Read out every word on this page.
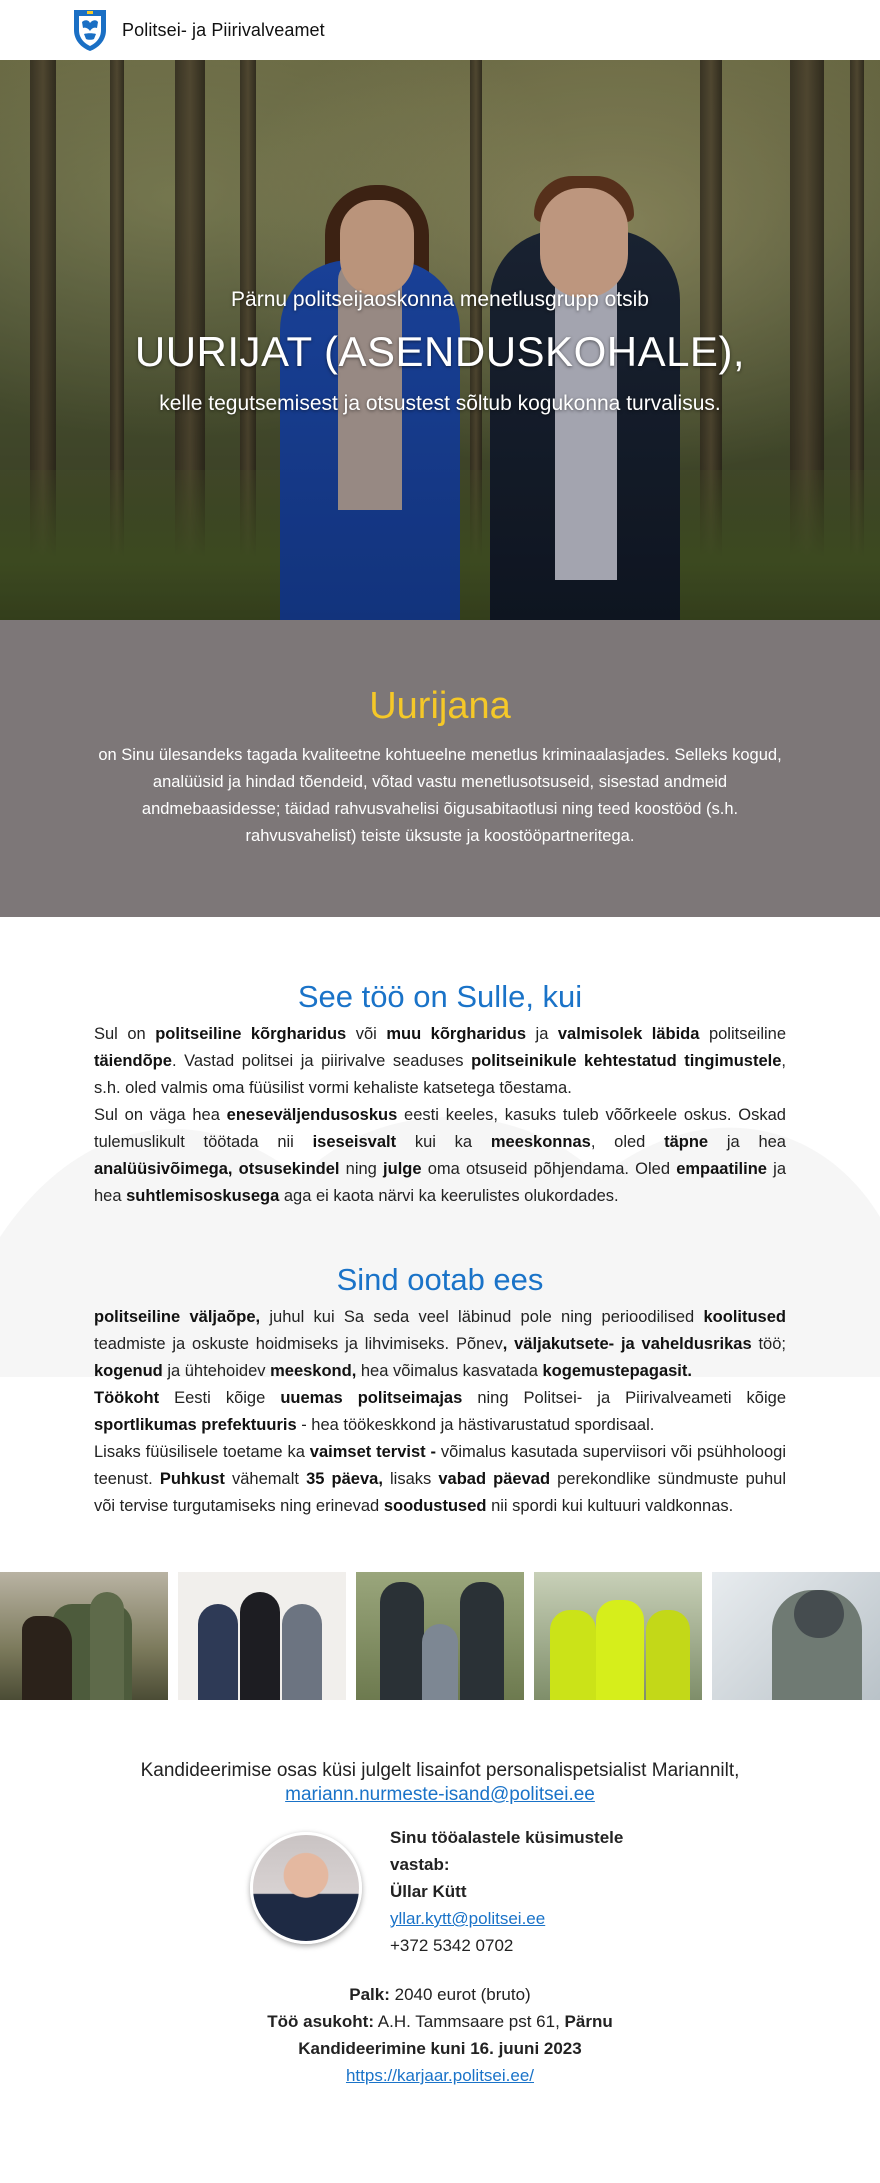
Politsei- ja Piirivalveamet
Pärnu politseijaoskonna menetlusgrupp otsib
UURIJAT (ASENDUSKOHALE),
kelle tegutsemisest ja otsustest sõltub kogukonna turvalisus.
Uurijana

on Sinu ülesandeks tagada kvaliteetne kohtueelne menetlus kriminaalasjades. Selleks kogud, analüüsid ja hindad tõendeid, võtad vastu menetlusotsuseid, sisestad andmeid andmebaasidesse; täidad rahvusvahelisi õigusabitaotlusi ning teed koostööd (s.h. rahvusvahelist) teiste üksuste ja koostööpartneritega.

See töö on Sulle, kui

Sul on politseiline kõrgharidus või muu kõrgharidus ja valmisolek läbida politseiline täiendõpe. Vastad politsei ja piirivalve seaduses politseinikule kehtestatud tingimustele, s.h. oled valmis oma füüsilist vormi kehaliste katsetega tõestama.

Sul on väga hea eneseväljendusoskus eesti keeles, kasuks tuleb võõrkeele oskus. Oskad tulemuslikult töötada nii iseseisvalt kui ka meeskonnas, oled täpne ja hea analüüsivõimega, otsusekindel ning julge oma otsuseid põhjendama. Oled empaatiline ja hea suhtlemisoskusega aga ei kaota närvi ka keerulistes olukordades.

Sind ootab ees

politseiline väljaõpe, juhul kui Sa seda veel läbinud pole ning perioodilised koolitused teadmiste ja oskuste hoidmiseks ja lihvimiseks. Põnev, väljakutsete- ja vaheldusrikas töö; kogenud ja ühtehoidev meeskond, hea võimalus kasvatada kogemustepagasit.

Töökoht Eesti kõige uuemas politseimajas ning Politsei- ja Piirivalveameti kõige sportlikumas prefektuuris - hea töökeskkond ja hästivarustatud spordisaal.

Lisaks füüsilisele toetame ka vaimset tervist - võimalus kasutada superviisori või psühholoogi teenust. Puhkust vähemalt 35 päeva, lisaks vabad päevad perekondlike sündmuste puhul või tervise turgutamiseks ning erinevad soodustused nii spordi kui kultuuri valdkonnas.

Kandideerimise osas küsi julgelt lisainfot personalispetsialist Mariannilt,
mariann.nurmeste-isand@politsei.ee
Sinu tööalastele küsimustele vastab:
Üllar Kütt
yllar.kytt@politsei.ee
+372 5342 0702
Palk: 2040 eurot (bruto)
Töö asukoht: A.H. Tammsaare pst 61, Pärnu
Kandideerimine kuni 16. juuni 2023
https://karjaar.politsei.ee/
